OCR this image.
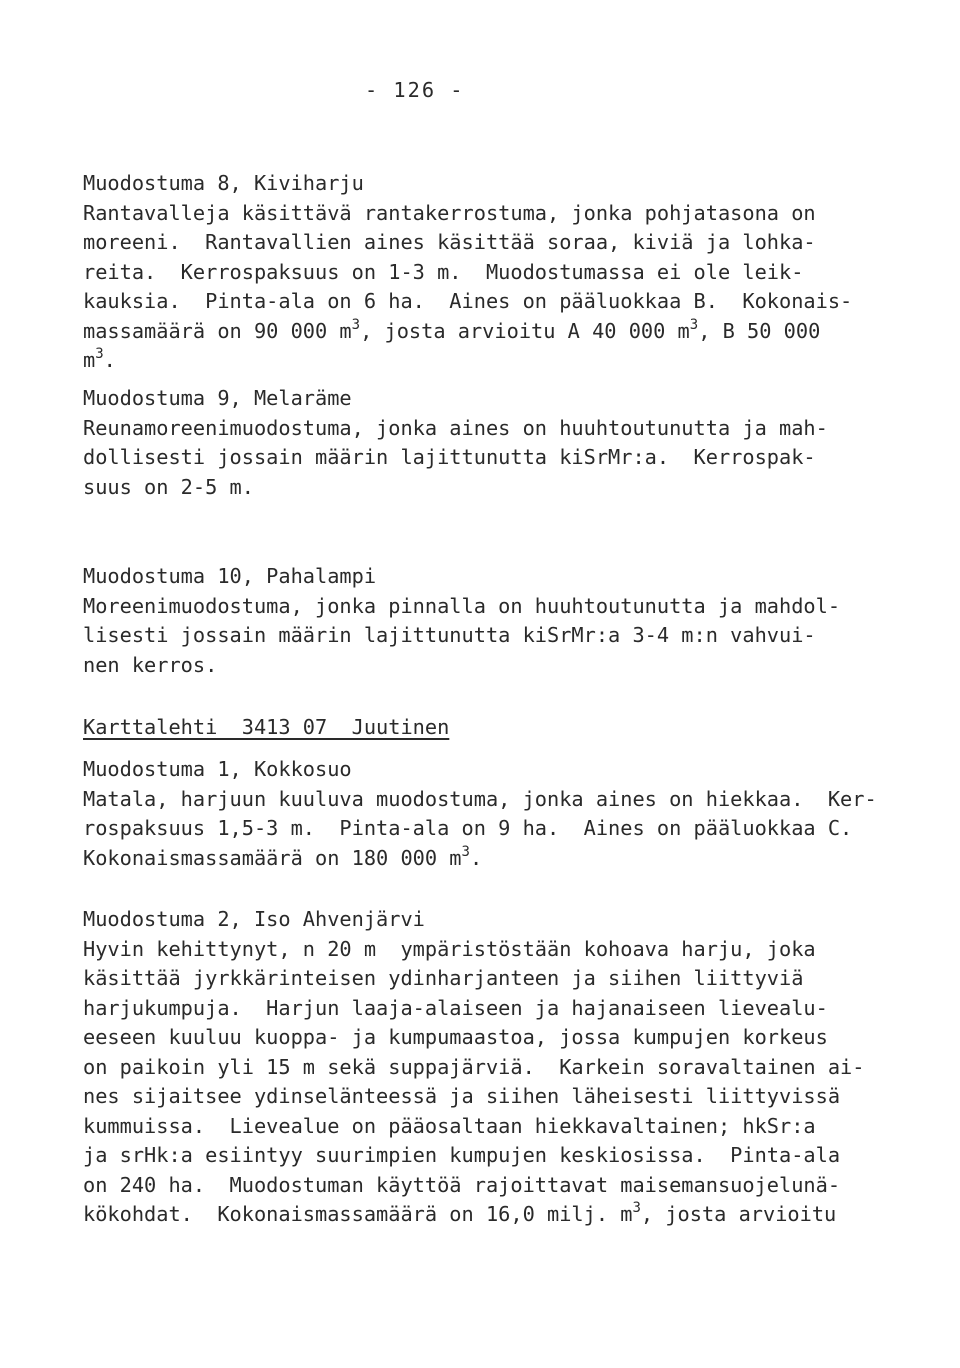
- 126 -
Muodostuma 8, Kiviharju
Rantavalleja käsittävä rantakerrostuma, jonka pohjatasona on
moreeni.  Rantavallien aines käsittää soraa, kiviä ja lohka-
reita.  Kerrospaksuus on 1-3 m.  Muodostumassa ei ole leik-
kauksia.  Pinta-ala on 6 ha.  Aines on pääluokkaa B.  Kokonais-
massamäärä on 90 000 $m^3$, josta arvioitu A 40 000 $m^3$, B 50 000
$m^3$.
Muodostuma 9, Melaräme
Reunamoreenimuodostuma, jonka aines on huuhtoutunutta ja mah-
dollisesti jossain määrin lajittunutta kiSrMr:a.  Kerrospak-
suus on 2-5 m.
Muodostuma 10, Pahalampi
Moreenimuodostuma, jonka pinnalla on huuhtoutunutta ja mahdol-
lisesti jossain määrin lajittunutta kiSrMr:a 3-4 m:n vahvui-
nen kerros.
Karttalehti  3413 07  Juutinen
Muodostuma 1, Kokkosuo
Matala, harjuun kuuluva muodostuma, jonka aines on hiekkaa.  Ker-
rospaksuus 1,5-3 m.  Pinta-ala on 9 ha.  Aines on pääluokkaa C.
Kokonaismassamäärä on 180 000 $m^3$.
Muodostuma 2, Iso Ahvenjärvi
Hyvin kehittynyt, n 20 m  ympäristöstään kohoava harju, joka
käsittää jyrkkärinteisen ydinharjanteen ja siihen liittyviä
harjukumpuja.  Harjun laaja-alaiseen ja hajanaiseen lievealu-
eeseen kuuluu kuoppa- ja kumpumaastoa, jossa kumpujen korkeus
on paikoin yli 15 m sekä suppajärviä.  Karkein soravaltainen ai-
nes sijaitsee ydinselänteessä ja siihen läheisesti liittyvissä
kummuissa.  Lievealue on pääosaltaan hiekkavaltainen; hkSr:a
ja srHk:a esiintyy suurimpien kumpujen keskiosissa.  Pinta-ala
on 240 ha.  Muodostuman käyttöä rajoittavat maisemansuojelunä-
kökohdat.  Kokonaismassamäärä on 16,0 milj. $m^3$, josta arvioitu
